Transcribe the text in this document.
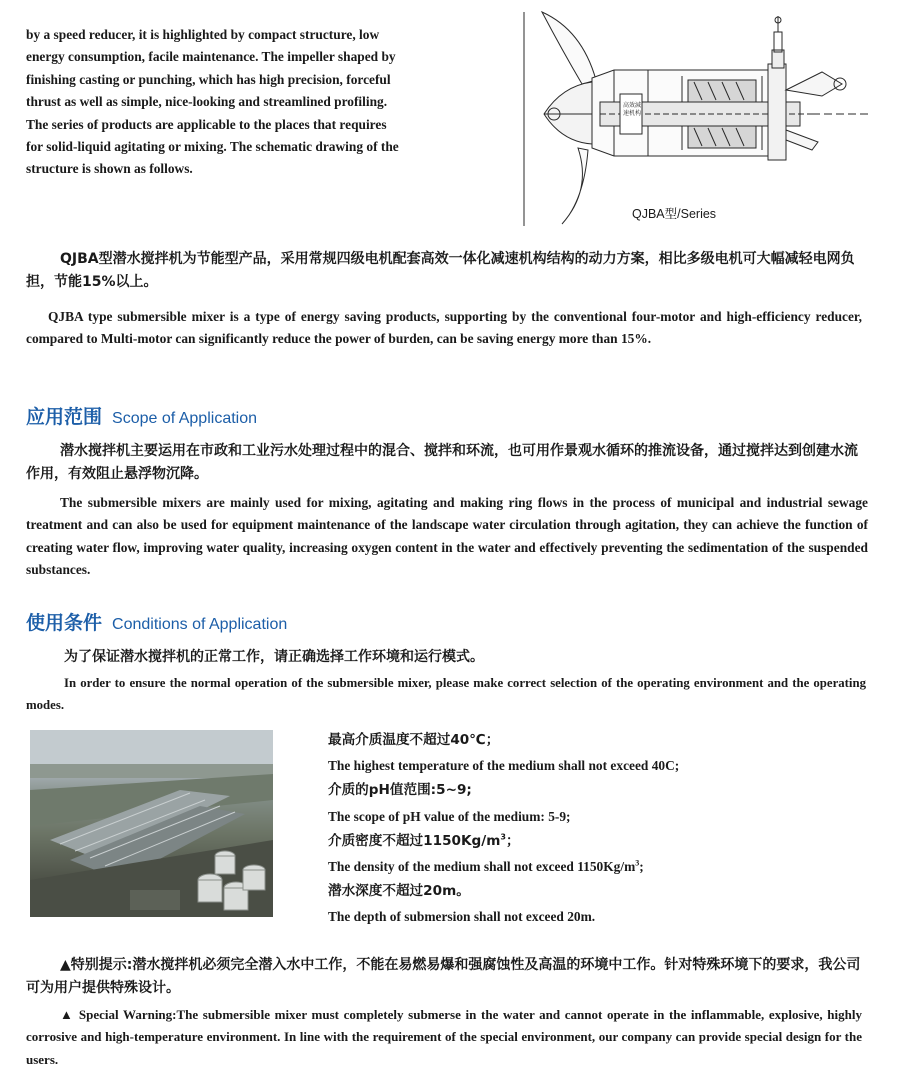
by a speed reducer, it is highlighted by compact structure, low

energy consumption, facile maintenance. The impeller shaped by

finishing casting or punching, which has high precision, forceful

thrust as well as simple, nice-looking and streamlined profiling.

The series of products are applicable to the places that requires

for solid-liquid agitating or mixing. The schematic drawing of the

structure is shown as follows.

高效減
速机构
QJBA型/Series

QJBA型潜水搅拌机为节能型产品，采用常规四级电机配套高效一体化减速机构结构的动力方案，相比多级电机可大幅减轻电网负担，节能15%以上。

QJBA type submersible mixer is a type of energy saving products, supporting by the conventional four-motor and high-efficiency reducer, compared to Multi-motor can significantly reduce the power of burden, can be saving energy more than 15%.

应用范围 Scope of Application

潜水搅拌机主要运用在市政和工业污水处理过程中的混合、搅拌和环流，也可用作景观水循环的推流设备，通过搅拌达到创建水流作用，有效阻止悬浮物沉降。

The submersible mixers are mainly used for mixing, agitating and making ring flows in the process of municipal and industrial sewage treatment and can also be used for equipment maintenance of the landscape water circulation through agitation, they can achieve the function of creating water flow, improving water quality, increasing oxygen content in the water and effectively preventing the sedimentation of the suspended substances.

使用条件 Conditions of Application

为了保证潜水搅拌机的正常工作，请正确选择工作环境和运行模式。

In order to ensure the normal operation of the submersible mixer, please make correct selection of the operating environment and the operating modes.

最高介质温度不超过40℃；

The highest temperature of the medium shall not exceed 40C;

介质的pH值范围:5~9;

The scope of pH value of the medium: 5-9;

介质密度不超过$1150Kg/m^3$；

The density of the medium shall not exceed $1150Kg/m^3$;

潜水深度不超过20m。

The depth of submersion shall not exceed 20m.

▲特别提示:潜水搅拌机必须完全潜入水中工作，不能在易燃易爆和强腐蚀性及高温的环境中工作。针对特殊环境下的要求，我公司可为用户提供特殊设计。

▲ Special Warning:The submersible mixer must completely submerse in the water and cannot operate in the inflammable, explosive, highly corrosive and high-temperature environment. In line with the requirement of the special environment, our company can provide special design for the users.
